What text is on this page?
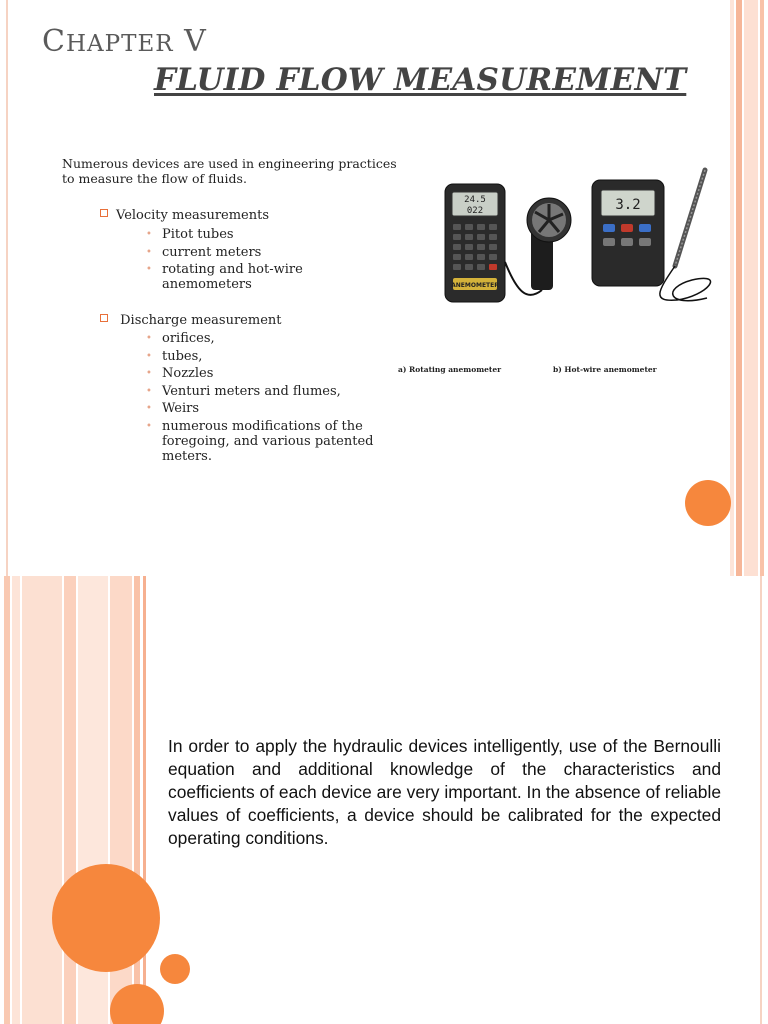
CHAPTER V
FLUID FLOW MEASUREMENT
Numerous devices are used in engineering practices to measure the flow of fluids.
Velocity measurements
• Pitot tubes
• current meters
• rotating and hot-wire anemometers
Discharge measurement
• orifices,
• tubes,
• Nozzles
• Venturi meters and flumes,
• Weirs
• numerous modifications of the foregoing, and various patented meters.
24.5
022
ANEMOMETER
3.2
a) Rotating anemometer	b) Hot-wire anemometer
In order to apply the hydraulic devices intelligently, use of the Bernoulli equation and additional knowledge of the characteristics and coefficients of each device are very important. In the absence of reliable values of coefficients, a device should be calibrated for the expected operating conditions.
